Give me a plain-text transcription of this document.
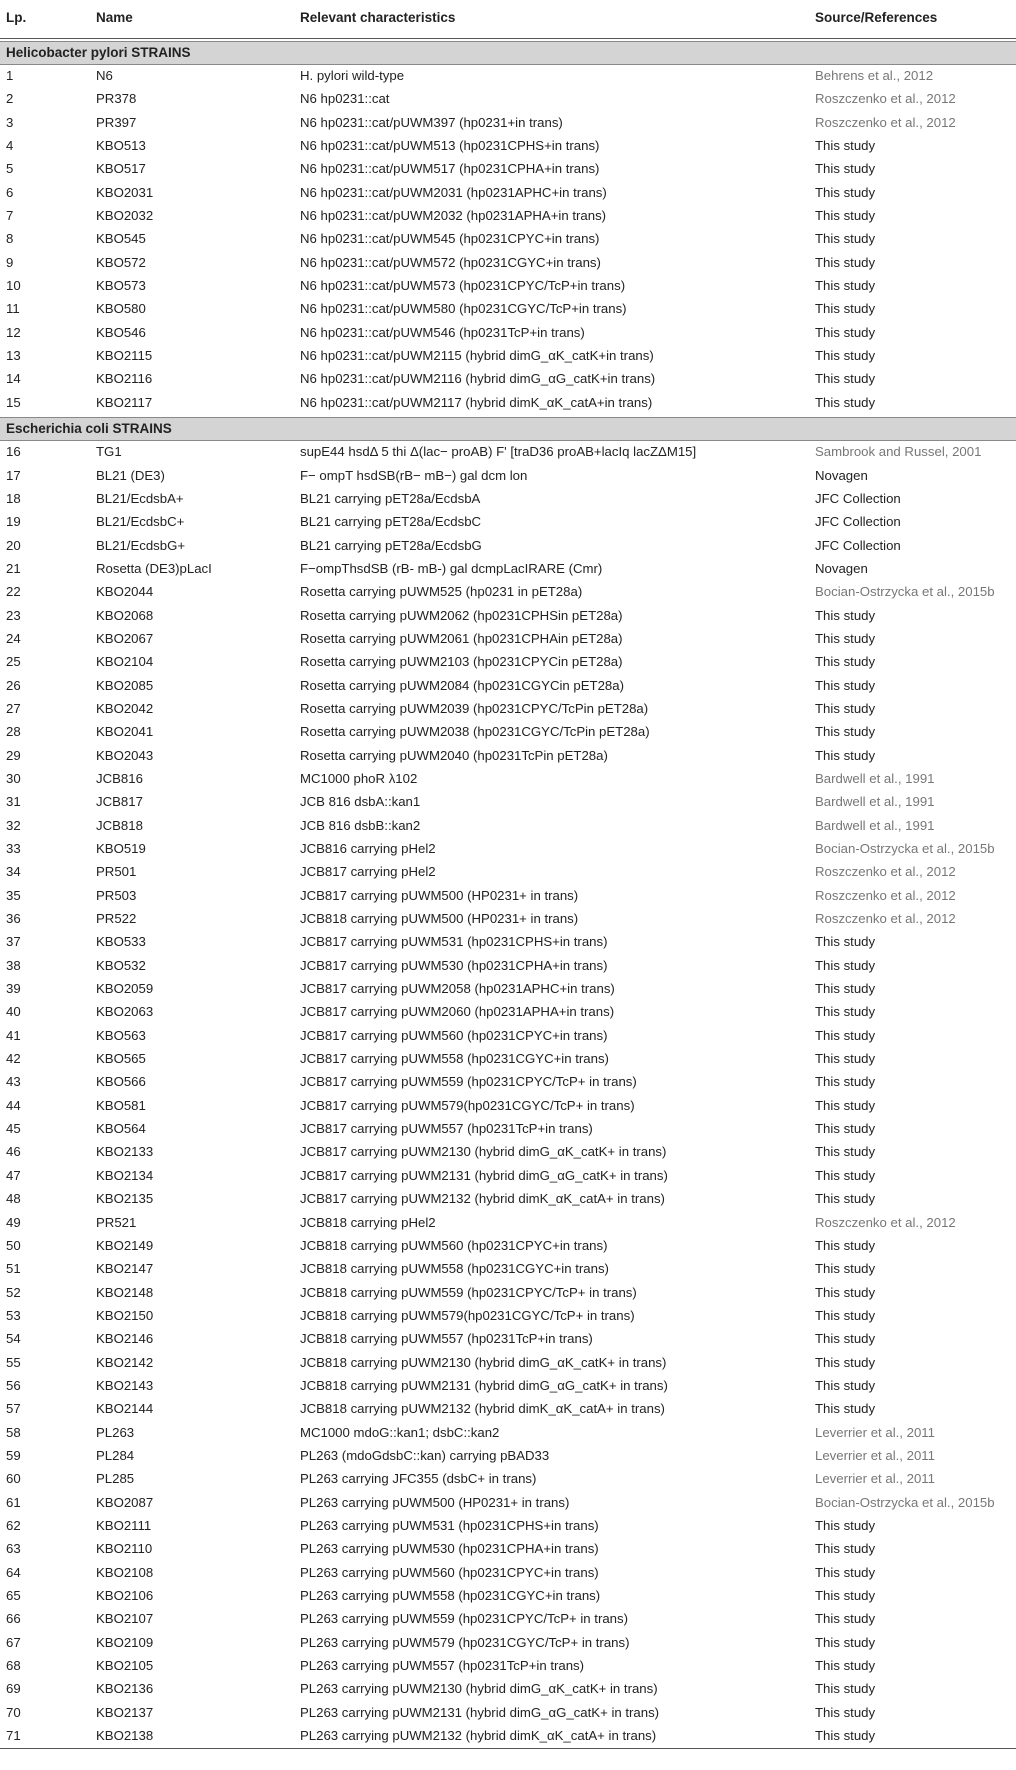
Lp.	Name	Relevant characteristics	Source/References
Helicobacter pylori STRAINS
1	N6	H. pylori wild-type	Behrens et al., 2012
2	PR378	N6 hp0231::cat	Roszczenko et al., 2012
3	PR397	N6 hp0231::cat/pUWM397 (hp0231+in trans)	Roszczenko et al., 2012
4	KBO513	N6 hp0231::cat/pUWM513 (hp0231CPHS+in trans)	This study
5	KBO517	N6 hp0231::cat/pUWM517 (hp0231CPHA+in trans)	This study
6	KBO2031	N6 hp0231::cat/pUWM2031 (hp0231APHC+in trans)	This study
7	KBO2032	N6 hp0231::cat/pUWM2032 (hp0231APHA+in trans)	This study
8	KBO545	N6 hp0231::cat/pUWM545 (hp0231CPYC+in trans)	This study
9	KBO572	N6 hp0231::cat/pUWM572 (hp0231CGYC+in trans)	This study
10	KBO573	N6 hp0231::cat/pUWM573 (hp0231CPYC/TcP+in trans)	This study
11	KBO580	N6 hp0231::cat/pUWM580 (hp0231CGYC/TcP+in trans)	This study
12	KBO546	N6 hp0231::cat/pUWM546 (hp0231TcP+in trans)	This study
13	KBO2115	N6 hp0231::cat/pUWM2115 (hybrid dimG_αK_catK+in trans)	This study
14	KBO2116	N6 hp0231::cat/pUWM2116 (hybrid dimG_αG_catK+in trans)	This study
15	KBO2117	N6 hp0231::cat/pUWM2117 (hybrid dimK_αK_catA+in trans)	This study
Escherichia coli STRAINS
16	TG1	supE44 hsdΔ 5 thi Δ(lac− proAB) F' [traD36 proAB+lacIq lacZΔM15]	Sambrook and Russel, 2001
17	BL21 (DE3)	F− ompT hsdSB(rB− mB−) gal dcm lon	Novagen
18	BL21/EcdsbA+	BL21 carrying pET28a/EcdsbA	JFC Collection
19	BL21/EcdsbC+	BL21 carrying pET28a/EcdsbC	JFC Collection
20	BL21/EcdsbG+	BL21 carrying pET28a/EcdsbG	JFC Collection
21	Rosetta (DE3)pLacI	F−ompThsdSB (rB- mB-) gal dcmpLacIRARE (Cmr)	Novagen
22	KBO2044	Rosetta carrying pUWM525 (hp0231 in pET28a)	Bocian-Ostrzycka et al., 2015b
23	KBO2068	Rosetta carrying pUWM2062 (hp0231CPHSin pET28a)	This study
24	KBO2067	Rosetta carrying pUWM2061 (hp0231CPHAin pET28a)	This study
25	KBO2104	Rosetta carrying pUWM2103 (hp0231CPYCin pET28a)	This study
26	KBO2085	Rosetta carrying pUWM2084 (hp0231CGYCin pET28a)	This study
27	KBO2042	Rosetta carrying pUWM2039 (hp0231CPYC/TcPin pET28a)	This study
28	KBO2041	Rosetta carrying pUWM2038 (hp0231CGYC/TcPin pET28a)	This study
29	KBO2043	Rosetta carrying pUWM2040 (hp0231TcPin pET28a)	This study
30	JCB816	MC1000 phoR λ102	Bardwell et al., 1991
31	JCB817	JCB 816 dsbA::kan1	Bardwell et al., 1991
32	JCB818	JCB 816 dsbB::kan2	Bardwell et al., 1991
33	KBO519	JCB816 carrying pHel2	Bocian-Ostrzycka et al., 2015b
34	PR501	JCB817 carrying pHel2	Roszczenko et al., 2012
35	PR503	JCB817 carrying pUWM500 (HP0231+ in trans)	Roszczenko et al., 2012
36	PR522	JCB818 carrying pUWM500 (HP0231+ in trans)	Roszczenko et al., 2012
37	KBO533	JCB817 carrying pUWM531 (hp0231CPHS+in trans)	This study
38	KBO532	JCB817 carrying pUWM530 (hp0231CPHA+in trans)	This study
39	KBO2059	JCB817 carrying pUWM2058 (hp0231APHC+in trans)	This study
40	KBO2063	JCB817 carrying pUWM2060 (hp0231APHA+in trans)	This study
41	KBO563	JCB817 carrying pUWM560 (hp0231CPYC+in trans)	This study
42	KBO565	JCB817 carrying pUWM558 (hp0231CGYC+in trans)	This study
43	KBO566	JCB817 carrying pUWM559 (hp0231CPYC/TcP+ in trans)	This study
44	KBO581	JCB817 carrying pUWM579(hp0231CGYC/TcP+ in trans)	This study
45	KBO564	JCB817 carrying pUWM557 (hp0231TcP+in trans)	This study
46	KBO2133	JCB817 carrying pUWM2130 (hybrid dimG_αK_catK+ in trans)	This study
47	KBO2134	JCB817 carrying pUWM2131 (hybrid dimG_αG_catK+ in trans)	This study
48	KBO2135	JCB817 carrying pUWM2132 (hybrid dimK_αK_catA+ in trans)	This study
49	PR521	JCB818 carrying pHel2	Roszczenko et al., 2012
50	KBO2149	JCB818 carrying pUWM560 (hp0231CPYC+in trans)	This study
51	KBO2147	JCB818 carrying pUWM558 (hp0231CGYC+in trans)	This study
52	KBO2148	JCB818 carrying pUWM559 (hp0231CPYC/TcP+ in trans)	This study
53	KBO2150	JCB818 carrying pUWM579(hp0231CGYC/TcP+ in trans)	This study
54	KBO2146	JCB818 carrying pUWM557 (hp0231TcP+in trans)	This study
55	KBO2142	JCB818 carrying pUWM2130 (hybrid dimG_αK_catK+ in trans)	This study
56	KBO2143	JCB818 carrying pUWM2131 (hybrid dimG_αG_catK+ in trans)	This study
57	KBO2144	JCB818 carrying pUWM2132 (hybrid dimK_αK_catA+ in trans)	This study
58	PL263	MC1000 mdoG::kan1; dsbC::kan2	Leverrier et al., 2011
59	PL284	PL263 (mdoGdsbC::kan) carrying pBAD33	Leverrier et al., 2011
60	PL285	PL263 carrying JFC355 (dsbC+ in trans)	Leverrier et al., 2011
61	KBO2087	PL263 carrying pUWM500 (HP0231+ in trans)	Bocian-Ostrzycka et al., 2015b
62	KBO2111	PL263 carrying pUWM531 (hp0231CPHS+in trans)	This study
63	KBO2110	PL263 carrying pUWM530 (hp0231CPHA+in trans)	This study
64	KBO2108	PL263 carrying pUWM560 (hp0231CPYC+in trans)	This study
65	KBO2106	PL263 carrying pUWM558 (hp0231CGYC+in trans)	This study
66	KBO2107	PL263 carrying pUWM559 (hp0231CPYC/TcP+ in trans)	This study
67	KBO2109	PL263 carrying pUWM579 (hp0231CGYC/TcP+ in trans)	This study
68	KBO2105	PL263 carrying pUWM557 (hp0231TcP+in trans)	This study
69	KBO2136	PL263 carrying pUWM2130 (hybrid dimG_αK_catK+ in trans)	This study
70	KBO2137	PL263 carrying pUWM2131 (hybrid dimG_αG_catK+ in trans)	This study
71	KBO2138	PL263 carrying pUWM2132 (hybrid dimK_αK_catA+ in trans)	This study
